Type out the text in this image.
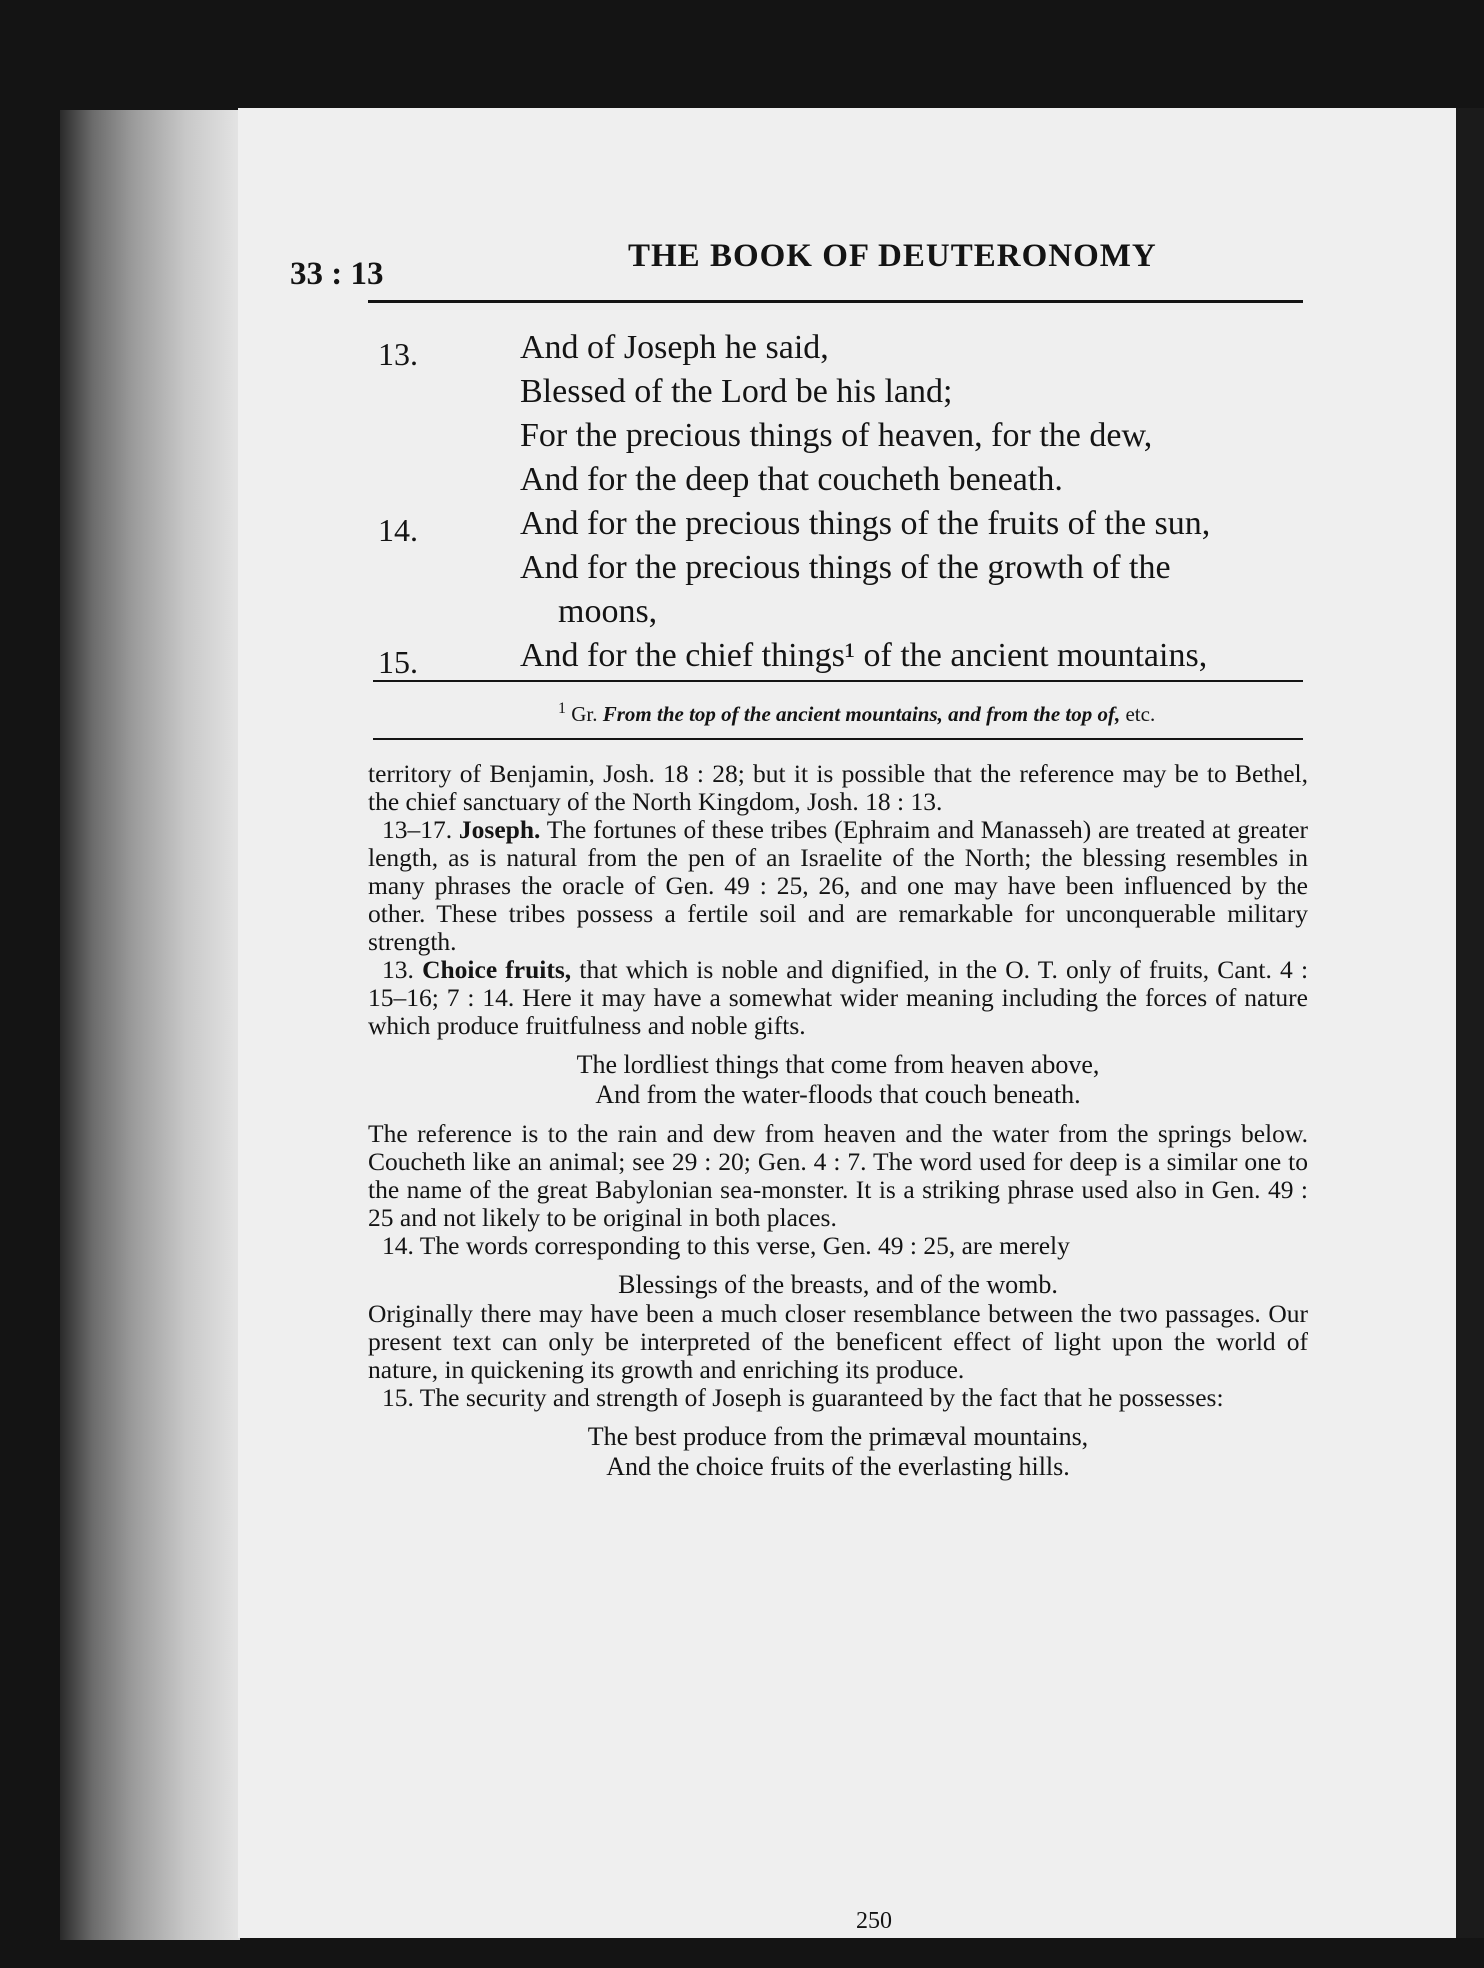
33 : 13	THE BOOK OF DEUTERONOMY
13.	And of Joseph he said,
Blessed of the Lord be his land;
For the precious things of heaven, for the dew,
And for the deep that coucheth beneath.
14.	And for the precious things of the fruits of the sun,
And for the precious things of the growth of the
moons,
15.	And for the chief things¹ of the ancient mountains,
$^1$ Gr. From the top of the ancient mountains, and from the top of, etc.

territory of Benjamin, Josh. 18 : 28; but it is possible that the reference may be to Bethel, the chief sanctuary of the North Kingdom, Josh. 18 : 13.

13–17. Joseph. The fortunes of these tribes (Ephraim and Manasseh) are treated at greater length, as is natural from the pen of an Israelite of the North; the blessing resembles in many phrases the oracle of Gen. 49 : 25, 26, and one may have been influenced by the other. These tribes possess a fertile soil and are remarkable for unconquerable military strength.

13. Choice fruits, that which is noble and dignified, in the O. T. only of fruits, Cant. 4 : 15–16; 7 : 14. Here it may have a somewhat wider meaning including the forces of nature which produce fruitfulness and noble gifts.

The lordliest things that come from heaven above,
And from the water-floods that couch beneath.

The reference is to the rain and dew from heaven and the water from the springs below. Coucheth like an animal; see 29 : 20; Gen. 4 : 7. The word used for deep is a similar one to the name of the great Babylonian sea-monster. It is a striking phrase used also in Gen. 49 : 25 and not likely to be original in both places.

14. The words corresponding to this verse, Gen. 49 : 25, are merely

Blessings of the breasts, and of the womb.

Originally there may have been a much closer resemblance between the two passages. Our present text can only be interpreted of the beneficent effect of light upon the world of nature, in quickening its growth and enriching its produce.

15. The security and strength of Joseph is guaranteed by the fact that he possesses:

The best produce from the primæval mountains,
And the choice fruits of the everlasting hills.
250
